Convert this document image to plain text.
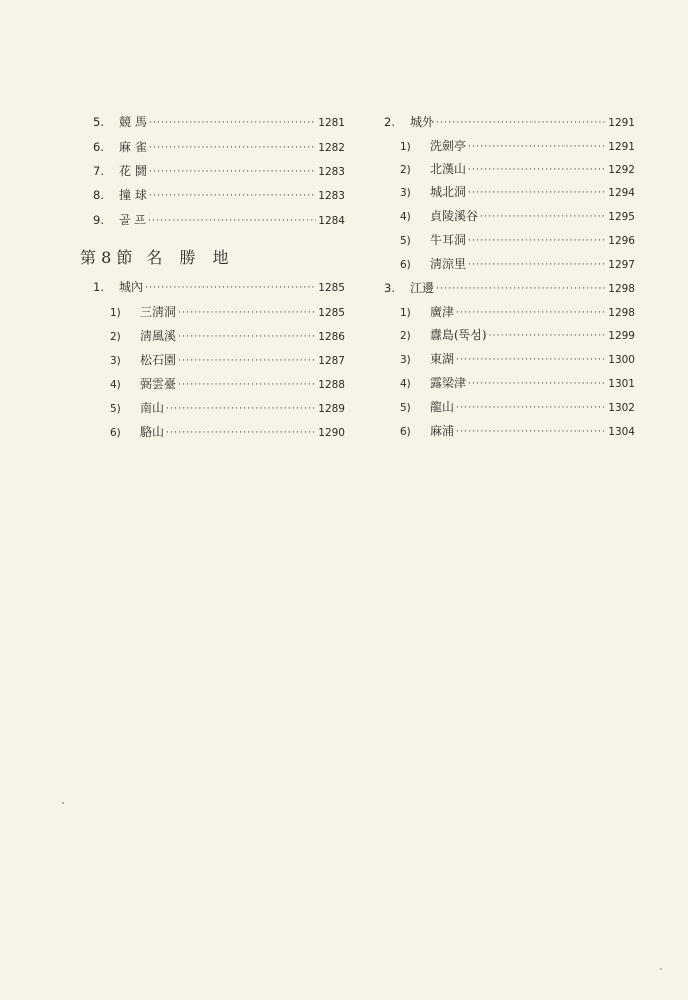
5.	競 馬 ·····	1281
6.	麻 雀 ·····	1282
7.	花 鬪 ·····	1283
8.	撞 球 ·····	1283
9.	골 프 ·····	1284
第 8 節 名 勝 地
1.	城內 ·····	1285
1)	三淸洞 ·····	1285
2)	淸風溪 ·····	1286
3)	松石園 ·····	1287
4)	弼雲臺 ·····	1288
5)	南山 ·····	1289
6)	駱山 ·····	1290
2.	城外 ·····	1291
1)	洗劍亭 ·····	1291
2)	北漢山 ·····	1292
3)	城北洞 ·····	1294
4)	貞陵溪谷 ·····	1295
5)	牛耳洞 ·····	1296
6)	淸涼里 ·····	1297
3.	江邊 ·····	1298
1)	廣津 ·····	1298
2)	纛島(뚝섬) ·····	1299
3)	東湖 ·····	1300
4)	露梁津 ·····	1301
5)	龍山 ·····	1302
6)	麻浦 ·····	1304
